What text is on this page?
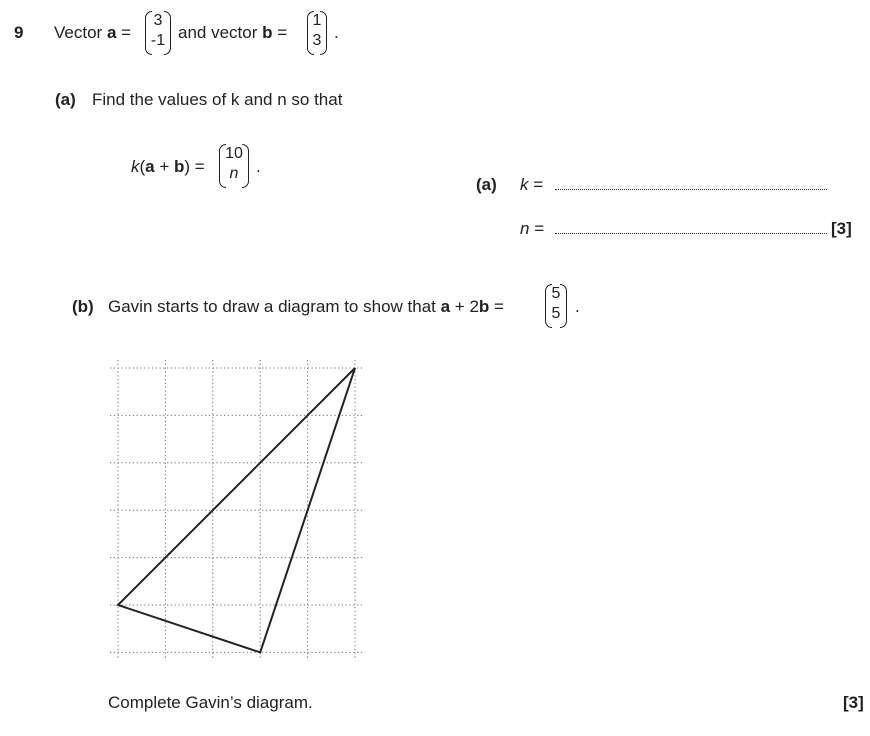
9 Vector a =
3
-1 and vector b =
1
3 .
(a) Find the values of k and n so that
k(a + b) =
10
n	.
(a) k =
n =	[3]
(b) Gavin starts to draw a diagram to show that a + 2b =
5
5 .
Complete Gavin’s diagram.	[3]
